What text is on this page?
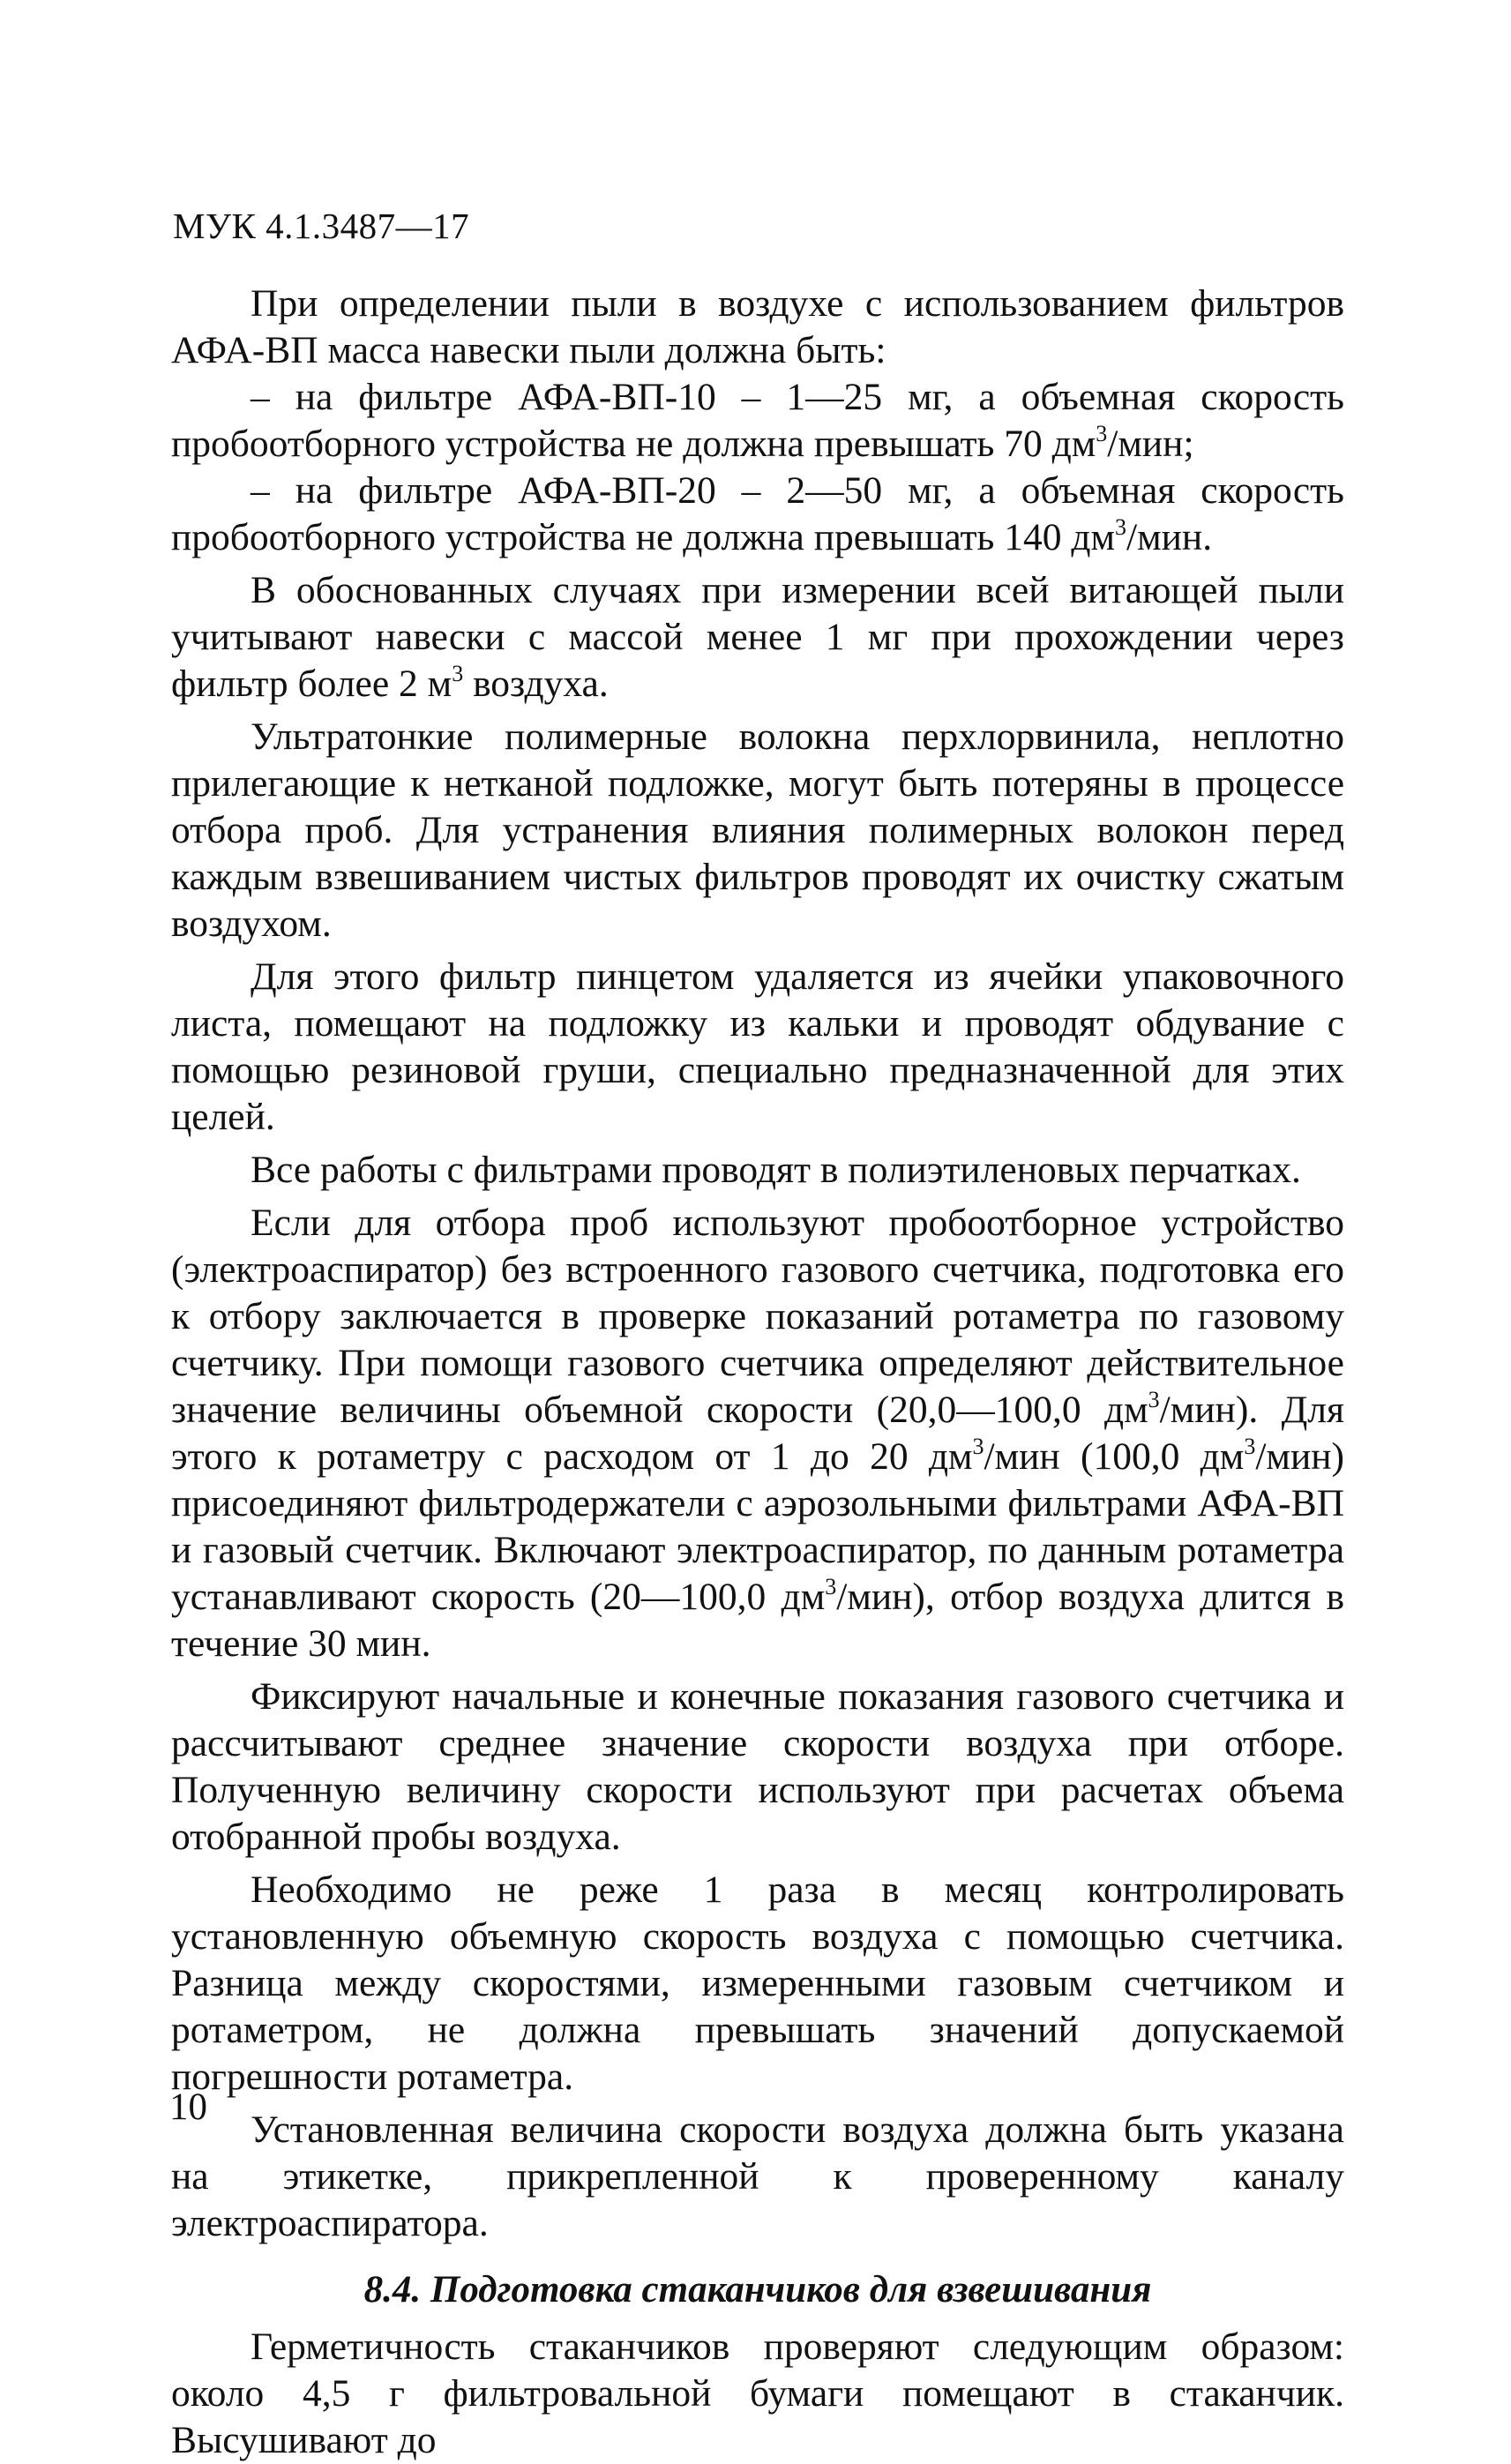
МУК 4.1.3487—17

При определении пыли в воздухе с использованием фильтров АФА-ВП масса навески пыли должна быть:

– на фильтре АФА-ВП-10 – 1—25 мг, а объемная скорость пробоотборного устройства не должна превышать 70 $дм^3$/мин;

– на фильтре АФА-ВП-20 – 2—50 мг, а объемная скорость пробоотборного устройства не должна превышать 140 $дм^3$/мин.

В обоснованных случаях при измерении всей витающей пыли учитывают навески с массой менее 1 мг при прохождении через фильтр более 2 $м^3$ воздуха.

Ультратонкие полимерные волокна перхлорвинила, неплотно прилегающие к нетканой подложке, могут быть потеряны в процессе отбора проб. Для устранения влияния полимерных волокон перед каждым взвешиванием чистых фильтров проводят их очистку сжатым воздухом.

Для этого фильтр пинцетом удаляется из ячейки упаковочного листа, помещают на подложку из кальки и проводят обдувание с помощью резиновой груши, специально предназначенной для этих целей.

Все работы с фильтрами проводят в полиэтиленовых перчатках.

Если для отбора проб используют пробоотборное устройство (электроаспиратор) без встроенного газового счетчика, подготовка его к отбору заключается в проверке показаний ротаметра по газовому счетчику. При помощи газового счетчика определяют действительное значение величины объемной скорости (20,0—100,0 $дм^3/мин$). Для этого к ротаметру с расходом от 1 до 20 $дм^3$/мин (100,0 $дм^3/мин$) присоединяют фильтродержатели с аэрозольными фильтрами АФА-ВП и газовый счетчик. Включают электроаспиратор, по данным ротаметра устанавливают скорость (20—100,0 $дм^3/мин$), отбор воздуха длится в течение 30 мин.

Фиксируют начальные и конечные показания газового счетчика и рассчитывают среднее значение скорости воздуха при отборе. Полученную величину скорости используют при расчетах объема отобранной пробы воздуха.

Необходимо не реже 1 раза в месяц контролировать установленную объемную скорость воздуха с помощью счетчика. Разница между скоростями, измеренными газовым счетчиком и ротаметром, не должна превышать значений допускаемой погрешности ротаметра.

Установленная величина скорости воздуха должна быть указана на этикетке, прикрепленной к проверенному каналу электроаспиратора.

8.4. Подготовка стаканчиков для взвешивания

Герметичность стаканчиков проверяют следующим образом: около 4,5 г фильтровальной бумаги помещают в стаканчик. Высушивают до

10
